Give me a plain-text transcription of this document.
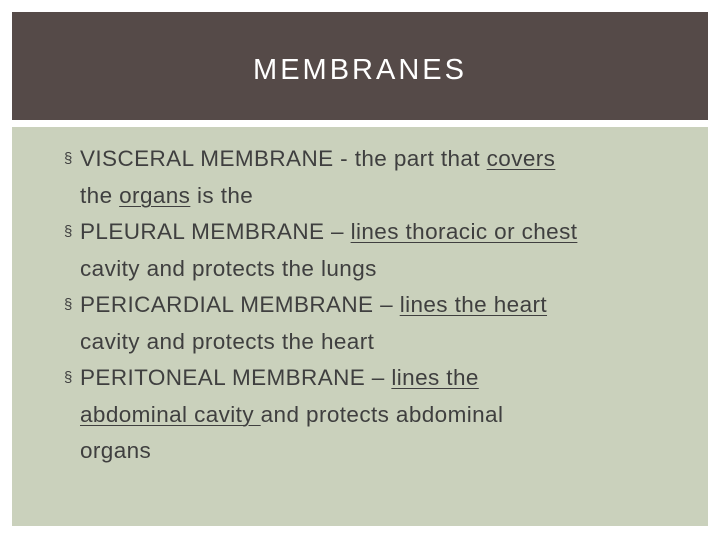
MEMBRANES
§ VISCERAL MEMBRANE - the part that covers
the organs is the
§ PLEURAL MEMBRANE – lines thoracic or chest
cavity and protects the lungs
§ PERICARDIAL MEMBRANE – lines the heart
cavity and protects the heart
§ PERITONEAL MEMBRANE – lines the
abdominal cavity and protects abdominal
organs
